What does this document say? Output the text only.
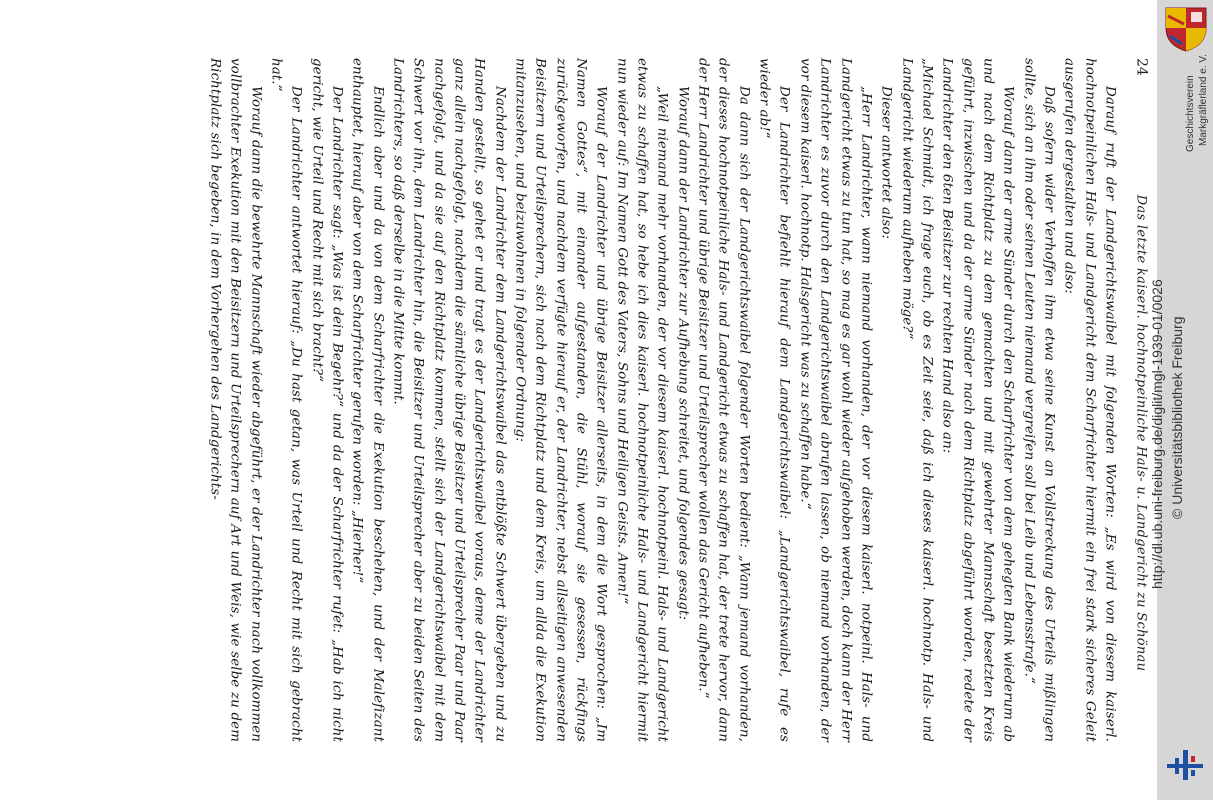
24
Das letzte kaiserl. hochnotpeinliche Hals- u. Landgericht zu Schönau

Darauf ruft der Landgerichtswaibel mit folgenden Worten: „Es wird von diesem kaiserl. hochnotpeinlichen Hals- und Landgericht dem Scharfrichter hiermit ein frei stark sicheres Geleit ausgerufen dergestalten und also:

Daß sofern wider Verhoffen ihm etwa seine Kunst an Vollstreckung des Urteils mißlingen sollte, sich an ihm oder seinen Leuten niemand vergreifen soll bei Leib und Lebensstrafe.“

Worauf dann der arme Sünder durch den Scharfrichter von dem gehegten Bank wiederum ab und nach dem Richtplatz zu dem gemachten und mit gewehrter Mannschaft besetzten Kreis geführt, inzwischen und da der arme Sünder nach dem Richtplatz abgeführt worden, redete der Landrichter den 6ten Beisitzer zur rechten Hand also an:

„Michael Schmidt, ich frage euch, ob es Zeit seie, daß ich dieses kaiserl. hochnotp. Hals- und Landgericht wiederum aufheben möge?“

Dieser antwortet also:

„Herr Landrichter, wann niemand vorhanden, der vor diesem kaiserl. notpeinl. Hals- und Landgericht etwas zu tun hat, so mag es gar wohl wieder aufgehoben werden, doch kann der Herr Landrichter es zuvor durch den Landgerichtswaibel abrufen lassen, ob niemand vorhanden, der vor diesem kaiserl. hochnotp. Halsgericht was zu schaffen habe.“

Der Landrichter befiehlt hierauf dem Landgerichtswaibel: „Landgerichtswaibel, rufe es wieder ab!“

Da dann sich der Landgerichtswaibel folgender Worten bedient: „Wann jemand vorhanden, der dieses hochnotpeinliche Hals- und Landgericht etwas zu schaffen hat, der trete hervor, dann der Herr Landrichter und übrige Beisitzer und Urteilsprecher wollen das Gericht aufheben.“

Worauf dann der Landrichter zur Aufhebung schreitet, und folgendes gesagt:

„Weil niemand mehr vorhanden, der vor diesem kaiserl. hochnotpeinl. Hals- und Landgericht etwas zu schaffen hat, so hebe ich dies kaiserl. hochnotpeinliche Hals- und Landgericht hiermit nun wieder auf: Im Namen Gott des Vaters, Sohns und Heiligen Geists. Amen!“

Worauf der Landrichter und übrige Beisitzer allerseits, in dem die Wort gesprochen: „Im Namen Gottes“, mit einander aufgestanden, die Stühl, worauf sie gesessen, rückfings zurückgeworfen, und nachdem verfügte hierauf er, der Landrichter, nebst allseitigen anwesenden Beisitzern und Urteilsprechern, sich nach dem Richtplatz und dem Kreis, um allda die Exekution mitanzusehen, und beizuwohnen in folgender Ordnung:

Nachdem der Landrichter dem Landgerichtswaibel das entblößte Schwert übergeben und zu Handen gestellt, so gehet er und tragt es der Landgerichtswaibel voraus, deme der Landrichter ganz allein nachgefolgt, nachdem die sämtliche übrige Beisitzer und Urteilsprecher Paar und Paar nachgefolgt, und da sie auf den Richtplatz kommen, stellt sich der Landgerichtswaibel mit dem Schwert vor ihn, dem Landrichter hin, die Beisitzer und Urteilsprecher aber zu beiden Seiten des Landrichters, so daß derselbe in die Mitte kommt.

Endlich aber und da von dem Scharfrichter die Exekution beschehen, und der Malefizant enthauptet, hierauf aber von dem Scharfrichter gerufen worden: „Hierher!“

Der Landrichter sagt: „Was ist dein Begehr?“ und da der Scharfrichter rufet: „Hab ich nicht gericht, wie Urteil und Recht mit sich bracht?“

Der Landrichter antwortet hierauf: „Du hast getan, was Urteil und Recht mit sich gebracht hat.“

Worauf dann die bewehrte Mannschaft wieder abgeführt, er der Landrichter nach vollkommen vollbrachter Exekution mit den Beisitzern und Urteilsprechern auf Art und Weis, wie selbe zu dem Richtplatz sich begeben, in dem Vorhergehen des Landgerichts-	Markgräflerland e. V.
Geschichtsverein
© Universitätsbibliothek Freiburg
http://dl.ub.uni-freiburg.de/diglit/mgl-1939-01/0026
